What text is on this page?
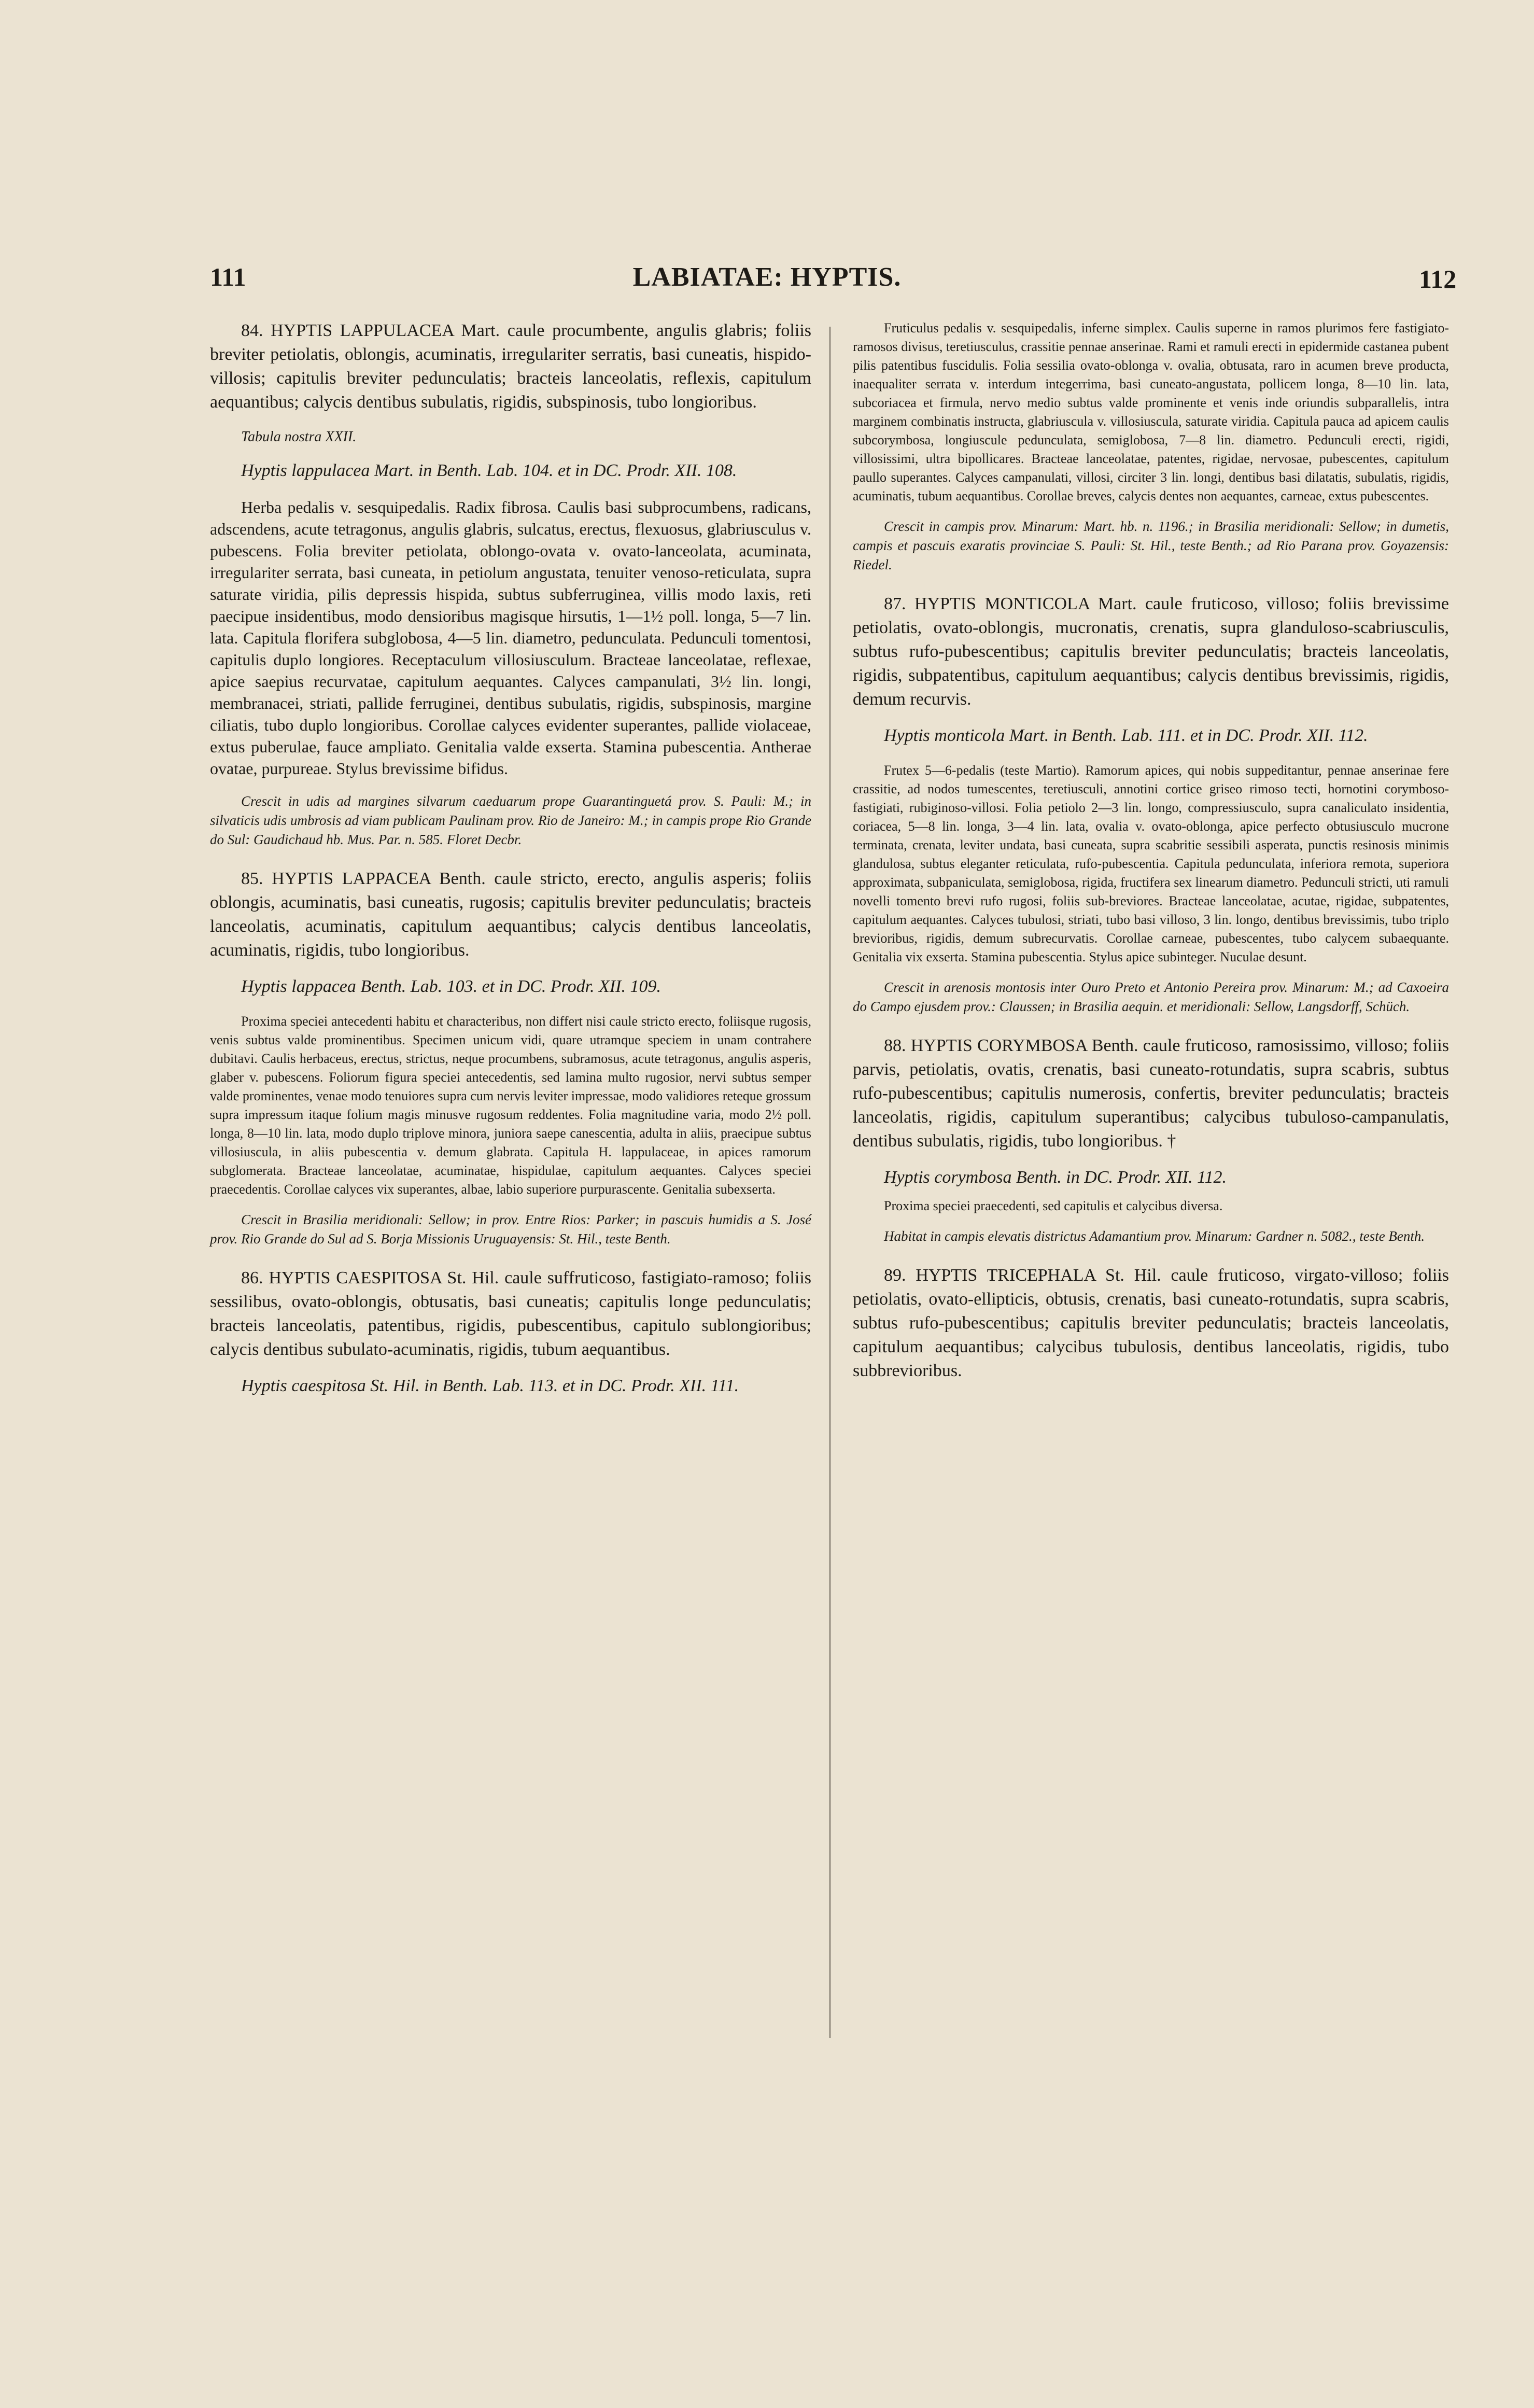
111	LABIATAE: HYPTIS.	112

84. HYPTIS LAPPULACEA Mart. caule procumbente, angulis glabris; foliis breviter petiolatis, oblongis, acuminatis, irregulariter serratis, basi cuneatis, hispido-villosis; capitulis breviter pedunculatis; bracteis lanceolatis, reflexis, capitulum aequantibus; calycis dentibus subulatis, rigidis, subspinosis, tubo longioribus.

Tabula nostra XXII.

Hyptis lappulacea Mart. in Benth. Lab. 104. et in DC. Prodr. XII. 108.

Herba pedalis v. sesquipedalis. Radix fibrosa. Caulis basi subprocumbens, radicans, adscendens, acute tetragonus, angulis glabris, sulcatus, erectus, flexuosus, glabriusculus v. pubescens. Folia breviter petiolata, oblongo-ovata v. ovato-lanceolata, acuminata, irregulariter serrata, basi cuneata, in petiolum angustata, tenuiter venoso-reticulata, supra saturate viridia, pilis depressis hispida, subtus subferruginea, villis modo laxis, reti paecipue insidentibus, modo densioribus magisque hirsutis, 1—1½ poll. longa, 5—7 lin. lata. Capitula florifera subglobosa, 4—5 lin. diametro, pedunculata. Pedunculi tomentosi, capitulis duplo longiores. Receptaculum villosiusculum. Bracteae lanceolatae, reflexae, apice saepius recurvatae, capitulum aequantes. Calyces campanulati, 3½ lin. longi, membranacei, striati, pallide ferruginei, dentibus subulatis, rigidis, subspinosis, margine ciliatis, tubo duplo longioribus. Corollae calyces evidenter superantes, pallide violaceae, extus puberulae, fauce ampliato. Genitalia valde exserta. Stamina pubescentia. Antherae ovatae, purpureae. Stylus brevissime bifidus.

Crescit in udis ad margines silvarum caeduarum prope Guarantinguetá prov. S. Pauli: M.; in silvaticis udis umbrosis ad viam publicam Paulinam prov. Rio de Janeiro: M.; in campis prope Rio Grande do Sul: Gaudichaud hb. Mus. Par. n. 585. Floret Decbr.

85. HYPTIS LAPPACEA Benth. caule stricto, erecto, angulis asperis; foliis oblongis, acuminatis, basi cuneatis, rugosis; capitulis breviter pedunculatis; bracteis lanceolatis, acuminatis, capitulum aequantibus; calycis dentibus lanceolatis, acuminatis, rigidis, tubo longioribus.

Hyptis lappacea Benth. Lab. 103. et in DC. Prodr. XII. 109.

Proxima speciei antecedenti habitu et characteribus, non differt nisi caule stricto erecto, foliisque rugosis, venis subtus valde prominentibus. Specimen unicum vidi, quare utramque speciem in unam contrahere dubitavi. Caulis herbaceus, erectus, strictus, neque procumbens, subramosus, acute tetragonus, angulis asperis, glaber v. pubescens. Foliorum figura speciei antecedentis, sed lamina multo rugosior, nervi subtus semper valde prominentes, venae modo tenuiores supra cum nervis leviter impressae, modo validiores reteque grossum supra impressum itaque folium magis minusve rugosum reddentes. Folia magnitudine varia, modo 2½ poll. longa, 8—10 lin. lata, modo duplo triplove minora, juniora saepe canescentia, adulta in aliis, praecipue subtus villosiuscula, in aliis pubescentia v. demum glabrata. Capitula H. lappulaceae, in apices ramorum subglomerata. Bracteae lanceolatae, acuminatae, hispidulae, capitulum aequantes. Calyces speciei praecedentis. Corollae calyces vix superantes, albae, labio superiore purpurascente. Genitalia subexserta.

Crescit in Brasilia meridionali: Sellow; in prov. Entre Rios: Parker; in pascuis humidis a S. José prov. Rio Grande do Sul ad S. Borja Missionis Uruguayensis: St. Hil., teste Benth.

86. HYPTIS CAESPITOSA St. Hil. caule suffruticoso, fastigiato-ramoso; foliis sessilibus, ovato-oblongis, obtusatis, basi cuneatis; capitulis longe pedunculatis; bracteis lanceolatis, patentibus, rigidis, pubescentibus, capitulo sublongioribus; calycis dentibus subulato-acuminatis, rigidis, tubum aequantibus.

Hyptis caespitosa St. Hil. in Benth. Lab. 113. et in DC. Prodr. XII. 111.

Fruticulus pedalis v. sesquipedalis, inferne simplex. Caulis superne in ramos plurimos fere fastigiato-ramosos divisus, teretiusculus, crassitie pennae anserinae. Rami et ramuli erecti in epidermide castanea pubent pilis patentibus fuscidulis. Folia sessilia ovato-oblonga v. ovalia, obtusata, raro in acumen breve producta, inaequaliter serrata v. interdum integerrima, basi cuneato-angustata, pollicem longa, 8—10 lin. lata, subcoriacea et firmula, nervo medio subtus valde prominente et venis inde oriundis subparallelis, intra marginem combinatis instructa, glabriuscula v. villosiuscula, saturate viridia. Capitula pauca ad apicem caulis subcorymbosa, longiuscule pedunculata, semiglobosa, 7—8 lin. diametro. Pedunculi erecti, rigidi, villosissimi, ultra bipollicares. Bracteae lanceolatae, patentes, rigidae, nervosae, pubescentes, capitulum paullo superantes. Calyces campanulati, villosi, circiter 3 lin. longi, dentibus basi dilatatis, subulatis, rigidis, acuminatis, tubum aequantibus. Corollae breves, calycis dentes non aequantes, carneae, extus pubescentes.

Crescit in campis prov. Minarum: Mart. hb. n. 1196.; in Brasilia meridionali: Sellow; in dumetis, campis et pascuis exaratis provinciae S. Pauli: St. Hil., teste Benth.; ad Rio Parana prov. Goyazensis: Riedel.

87. HYPTIS MONTICOLA Mart. caule fruticoso, villoso; foliis brevissime petiolatis, ovato-oblongis, mucronatis, crenatis, supra glanduloso-scabriusculis, subtus rufo-pubescentibus; capitulis breviter pedunculatis; bracteis lanceolatis, rigidis, subpatentibus, capitulum aequantibus; calycis dentibus brevissimis, rigidis, demum recurvis.

Hyptis monticola Mart. in Benth. Lab. 111. et in DC. Prodr. XII. 112.

Frutex 5—6-pedalis (teste Martio). Ramorum apices, qui nobis suppeditantur, pennae anserinae fere crassitie, ad nodos tumescentes, teretiusculi, annotini cortice griseo rimoso tecti, hornotini corymboso-fastigiati, rubiginoso-villosi. Folia petiolo 2—3 lin. longo, compressiusculo, supra canaliculato insidentia, coriacea, 5—8 lin. longa, 3—4 lin. lata, ovalia v. ovato-oblonga, apice perfecto obtusiusculo mucrone terminata, crenata, leviter undata, basi cuneata, supra scabritie sessibili asperata, punctis resinosis minimis glandulosa, subtus eleganter reticulata, rufo-pubescentia. Capitula pedunculata, inferiora remota, superiora approximata, subpaniculata, semiglobosa, rigida, fructifera sex linearum diametro. Pedunculi stricti, uti ramuli novelli tomento brevi rufo rugosi, foliis sub-breviores. Bracteae lanceolatae, acutae, rigidae, subpatentes, capitulum aequantes. Calyces tubulosi, striati, tubo basi villoso, 3 lin. longo, dentibus brevissimis, tubo triplo brevioribus, rigidis, demum subrecurvatis. Corollae carneae, pubescentes, tubo calycem subaequante. Genitalia vix exserta. Stamina pubescentia. Stylus apice subinteger. Nuculae desunt.

Crescit in arenosis montosis inter Ouro Preto et Antonio Pereira prov. Minarum: M.; ad Caxoeira do Campo ejusdem prov.: Claussen; in Brasilia aequin. et meridionali: Sellow, Langsdorff, Schüch.

88. HYPTIS CORYMBOSA Benth. caule fruticoso, ramosissimo, villoso; foliis parvis, petiolatis, ovatis, crenatis, basi cuneato-rotundatis, supra scabris, subtus rufo-pubescentibus; capitulis numerosis, confertis, breviter pedunculatis; bracteis lanceolatis, rigidis, capitulum superantibus; calycibus tubuloso-campanulatis, dentibus subulatis, rigidis, tubo longioribus. †

Hyptis corymbosa Benth. in DC. Prodr. XII. 112.

Proxima speciei praecedenti, sed capitulis et calycibus diversa.

Habitat in campis elevatis districtus Adamantium prov. Minarum: Gardner n. 5082., teste Benth.

89. HYPTIS TRICEPHALA St. Hil. caule fruticoso, virgato-villoso; foliis petiolatis, ovato-ellipticis, obtusis, crenatis, basi cuneato-rotundatis, supra scabris, subtus rufo-pubescentibus; capitulis breviter pedunculatis; bracteis lanceolatis, capitulum aequantibus; calycibus tubulosis, dentibus lanceolatis, rigidis, tubo subbrevioribus.
